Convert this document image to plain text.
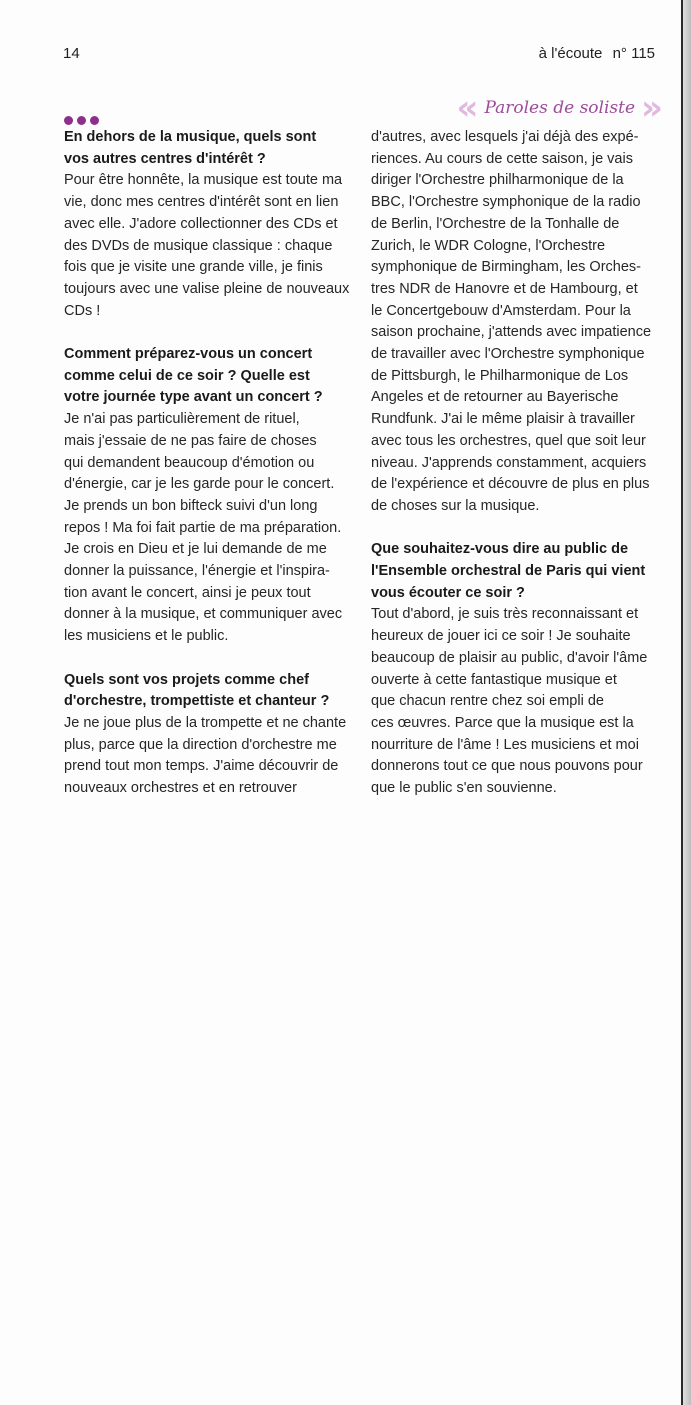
14	à l'écoute n° 115
« Paroles de soliste »
En dehors de la musique, quels sont
vos autres centres d'intérêt ?
Pour être honnête, la musique est toute ma
vie, donc mes centres d'intérêt sont en lien
avec elle. J'adore collectionner des CDs et
des DVDs de musique classique : chaque
fois que je visite une grande ville, je finis
toujours avec une valise pleine de nouveaux
CDs !
Comment préparez-vous un concert
comme celui de ce soir ? Quelle est
votre journée type avant un concert ?
Je n'ai pas particulièrement de rituel,
mais j'essaie de ne pas faire de choses
qui demandent beaucoup d'émotion ou
d'énergie, car je les garde pour le concert.
Je prends un bon bifteck suivi d'un long
repos ! Ma foi fait partie de ma préparation.
Je crois en Dieu et je lui demande de me
donner la puissance, l'énergie et l'inspira-
tion avant le concert, ainsi je peux tout
donner à la musique, et communiquer avec
les musiciens et le public.
Quels sont vos projets comme chef
d'orchestre, trompettiste et chanteur ?
Je ne joue plus de la trompette et ne chante
plus, parce que la direction d'orchestre me
prend tout mon temps. J'aime découvrir de
nouveaux orchestres et en retrouver
d'autres, avec lesquels j'ai déjà des expé-
riences. Au cours de cette saison, je vais
diriger l'Orchestre philharmonique de la
BBC, l'Orchestre symphonique de la radio
de Berlin, l'Orchestre de la Tonhalle de
Zurich, le WDR Cologne, l'Orchestre
symphonique de Birmingham, les Orches-
tres NDR de Hanovre et de Hambourg, et
le Concertgebouw d'Amsterdam. Pour la
saison prochaine, j'attends avec impatience
de travailler avec l'Orchestre symphonique
de Pittsburgh, le Philharmonique de Los
Angeles et de retourner au Bayerische
Rundfunk. J'ai le même plaisir à travailler
avec tous les orchestres, quel que soit leur
niveau. J'apprends constamment, acquiers
de l'expérience et découvre de plus en plus
de choses sur la musique.
Que souhaitez-vous dire au public de
l'Ensemble orchestral de Paris qui vient
vous écouter ce soir ?
Tout d'abord, je suis très reconnaissant et
heureux de jouer ici ce soir ! Je souhaite
beaucoup de plaisir au public, d'avoir l'âme
ouverte à cette fantastique musique et
que chacun rentre chez soi empli de
ces œuvres. Parce que la musique est la
nourriture de l'âme ! Les musiciens et moi
donnerons tout ce que nous pouvons pour
que le public s'en souvienne.
